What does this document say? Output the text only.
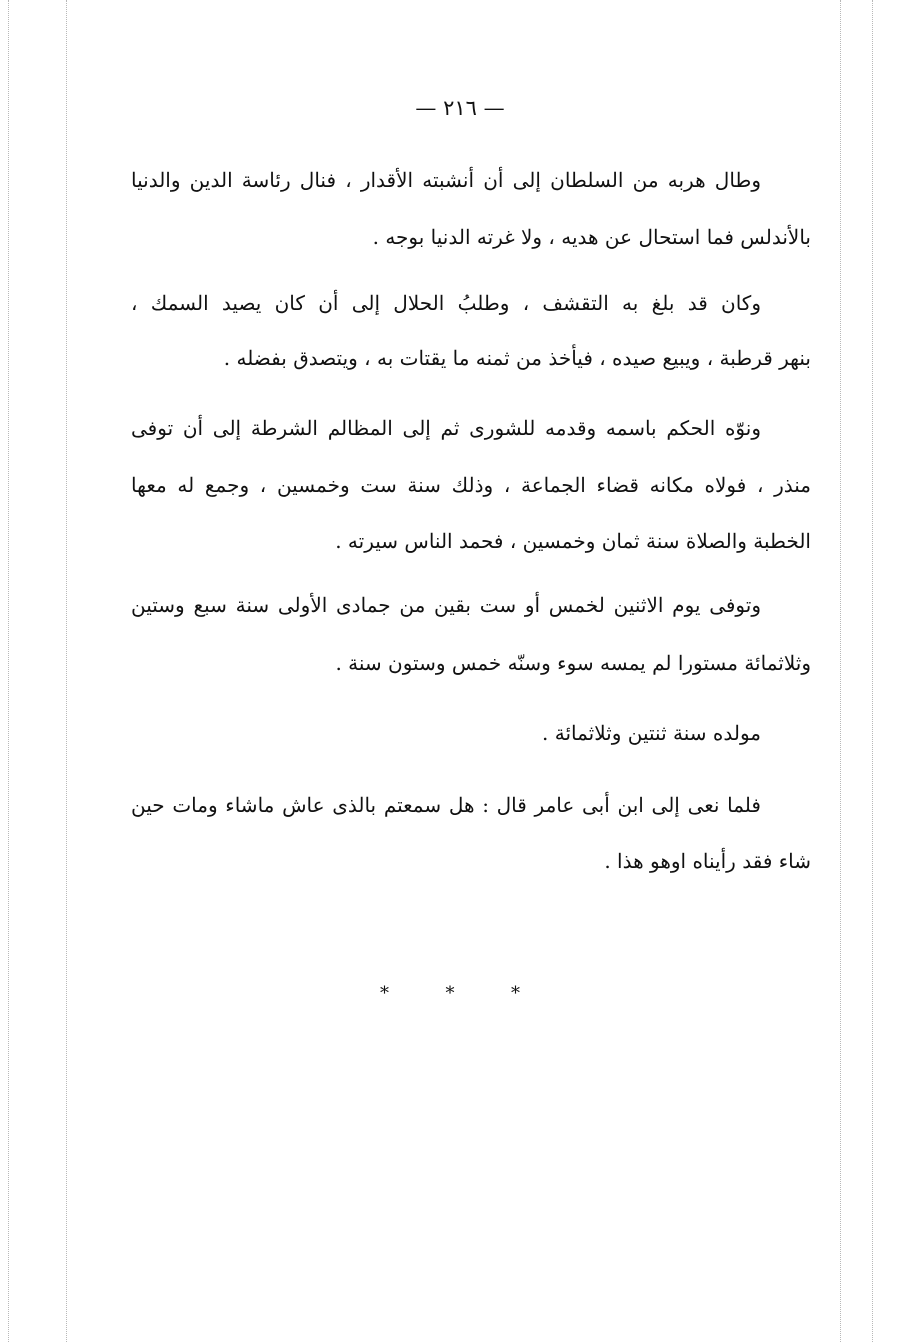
— ٢١٦ —
وطال هربه من السلطان إلى أن أنشبته الأقدار ، فنال رئاسة الدين والدنيا
بالأندلس فما استحال عن هديه ، ولا غرته الدنيا بوجه .
وكان قد بلغ به التقشف ، وطلبُ الحلال إلى أن كان يصيد السمك ،
بنهر قرطبة ، ويبيع صيده ، فيأخذ من ثمنه ما يقتات به ، ويتصدق بفضله .
ونوّه الحكم باسمه وقدمه للشورى ثم إلى المظالم الشرطة إلى أن توفى
منذر ، فولاه مكانه قضاء الجماعة ، وذلك سنة ست وخمسين ، وجمع له معها
الخطبة والصلاة سنة ثمان وخمسين ، فحمد الناس سيرته .
وتوفى يوم الاثنين لخمس أو ست بقين من جمادى الأولى سنة سبع وستين
وثلاثمائة مستورا لم يمسه سوء وسنّه خمس وستون سنة .
مولده سنة ثنتين وثلاثمائة .
فلما نعى إلى ابن أبى عامر قال : هل سمعتم بالذى عاش ماشاء ومات حين
شاء فقد رأيناه اوهو هذا .
*	*	*
